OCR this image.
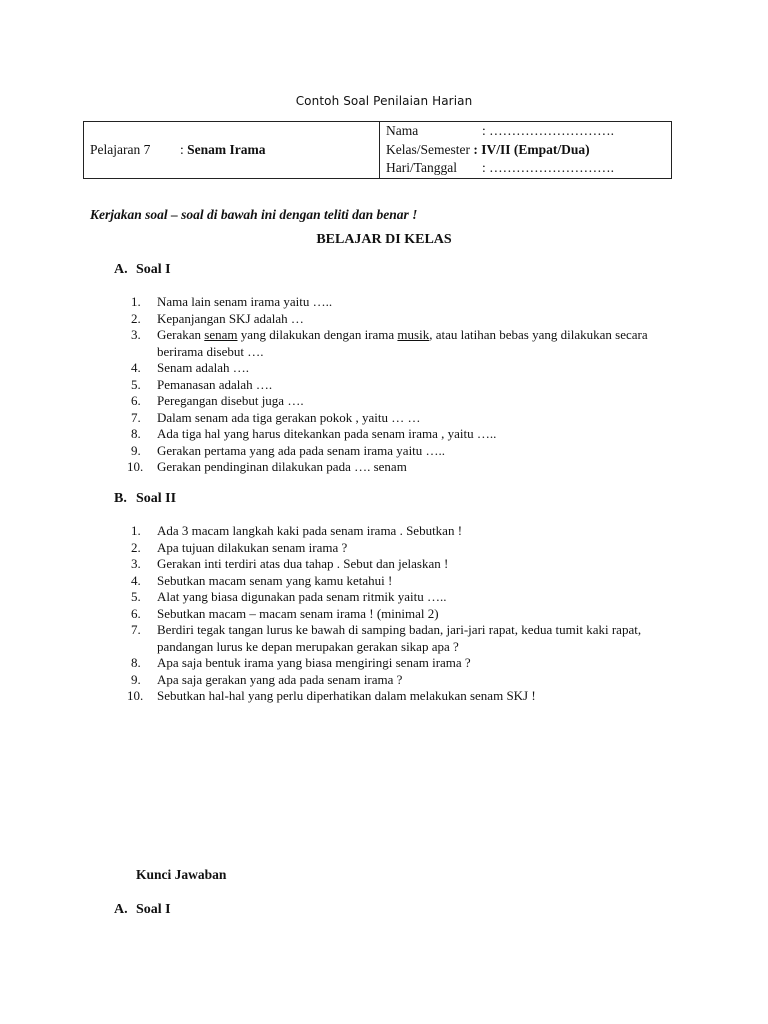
Contoh Soal Penilaian Harian
Pelajaran 7 : Senam Irama	
Nama	: ……………………….
Kelas/Semester : IV/II (Empat/Dua)
Hari/Tanggal : ……………………….
Kerjakan soal – soal di bawah ini dengan teliti dan benar !
BELAJAR DI KELAS
A. Soal I
1.	Nama lain senam irama yaitu …..
2.	Kepanjangan SKJ adalah …
3.	Gerakan senam yang dilakukan dengan irama musik, atau latihan bebas yang dilakukan secara berirama disebut ….
4.	Senam adalah ….
5.	Pemanasan adalah ….
6.	Peregangan disebut juga ….
7.	Dalam senam ada tiga gerakan pokok , yaitu … …
8.	Ada tiga hal yang harus ditekankan pada senam irama , yaitu …..
9.	Gerakan pertama yang ada pada senam irama yaitu …..
10. Gerakan pendinginan dilakukan pada …. senam
B. Soal II
1.	Ada 3 macam langkah kaki pada senam irama . Sebutkan !
2.	Apa tujuan dilakukan senam irama ?
3.	Gerakan inti terdiri atas dua tahap . Sebut dan jelaskan !
4.	Sebutkan macam senam yang kamu ketahui !
5.	Alat yang biasa digunakan pada senam ritmik yaitu …..
6.	Sebutkan macam – macam senam irama ! (minimal 2)
7.	Berdiri tegak tangan lurus ke bawah di samping badan, jari-jari rapat, kedua tumit kaki rapat, pandangan lurus ke depan merupakan gerakan sikap apa ?
8.	Apa saja bentuk irama yang biasa mengiringi senam irama ?
9.	Apa saja gerakan yang ada pada senam irama ?
10. Sebutkan hal-hal yang perlu diperhatikan dalam melakukan senam SKJ !
Kunci Jawaban
A. Soal I
